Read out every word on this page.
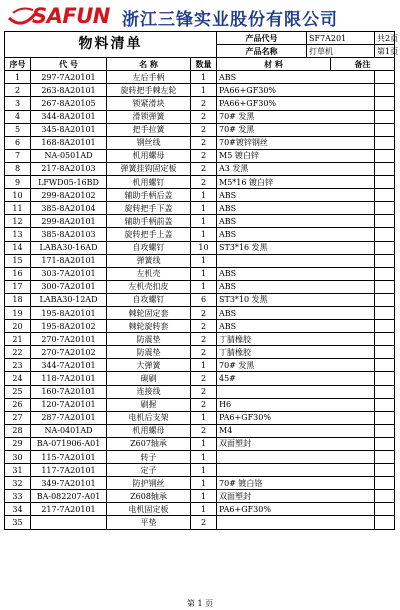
SAFUN 浙江三锋实业股份有限公司
物料清单				产品代号	SF7A201		共2页
				产品名称	打草机		第1页
序号	代 号	名 称	数量	材 料		备注	
1	297-7A20101	左后手柄	1	ABS			
2	263-8A20101	旋转把手棘左轮	1	PA66+GF30%			
3	267-8A20105	锁紧滑块	2	PA66+GF30%			
4	344-8A20101	滑锁弹簧	2	70# 发黑			
5	345-8A20101	把手拉簧	2	70# 发黑			
6	168-8A20101	钢丝线	2	70#镀锌钢丝			
7	NA-0501AD	机用螺母	2	M5 镀白锌			
8	217-8A20103	弹簧挂钩固定板	2	A3 发黑			
9	LFWD05-16BD	机用螺钉	2	M5*16 镀白锌			
10	299-8A20102	辅助手柄后盖	1	ABS			
11	385-8A20104	旋转把手下盖	1	ABS			
12	299-8A20101	辅助手柄前盖	1	ABS			
13	385-8A20103	旋转把手上盖	1	ABS			
14	LABA30-16AD	自攻螺钉	10	ST3*16 发黑			
15	171-8A20101	弹簧线	1				
16	303-7A20101	左机壳	1	ABS			
17	300-7A20101	左机壳扣皮	1	ABS			
18	LABA30-12AD	自攻螺钉	6	ST3*10 发黑			
19	195-8A20101	棘轮固定套	2	ABS			
20	195-8A20102	棘轮旋转套	2	ABS			
21	270-7A20101	防震垫	2	丁腈橡胶			
22	270-7A20102	防震垫	2	丁腈橡胶			
23	344-7A20101	大弹簧	1	70# 发黑			
24	118-7A20101	碳刷	2	45#			
25	160-7A20101	连接线	2				
26	120-7A20101	刷握	2	H6			
27	287-7A20101	电机后支架	1	PA6+GF30%			
28	NA-0401AD	机用螺母	2	M4			
29	BA-071906-A01	Z607轴承	1	双面塑封			
30	115-7A20101	转子	1				
31	117-7A20101	定子	1				
32	349-7A20101	防护钢丝	1	70# 镀白铬			
33	BA-082207-A01	Z608轴承	1	双面塑封			
34	217-7A20101	电机固定板	1	PA6+GF30%			
35		平垫	2				
第 1 页
